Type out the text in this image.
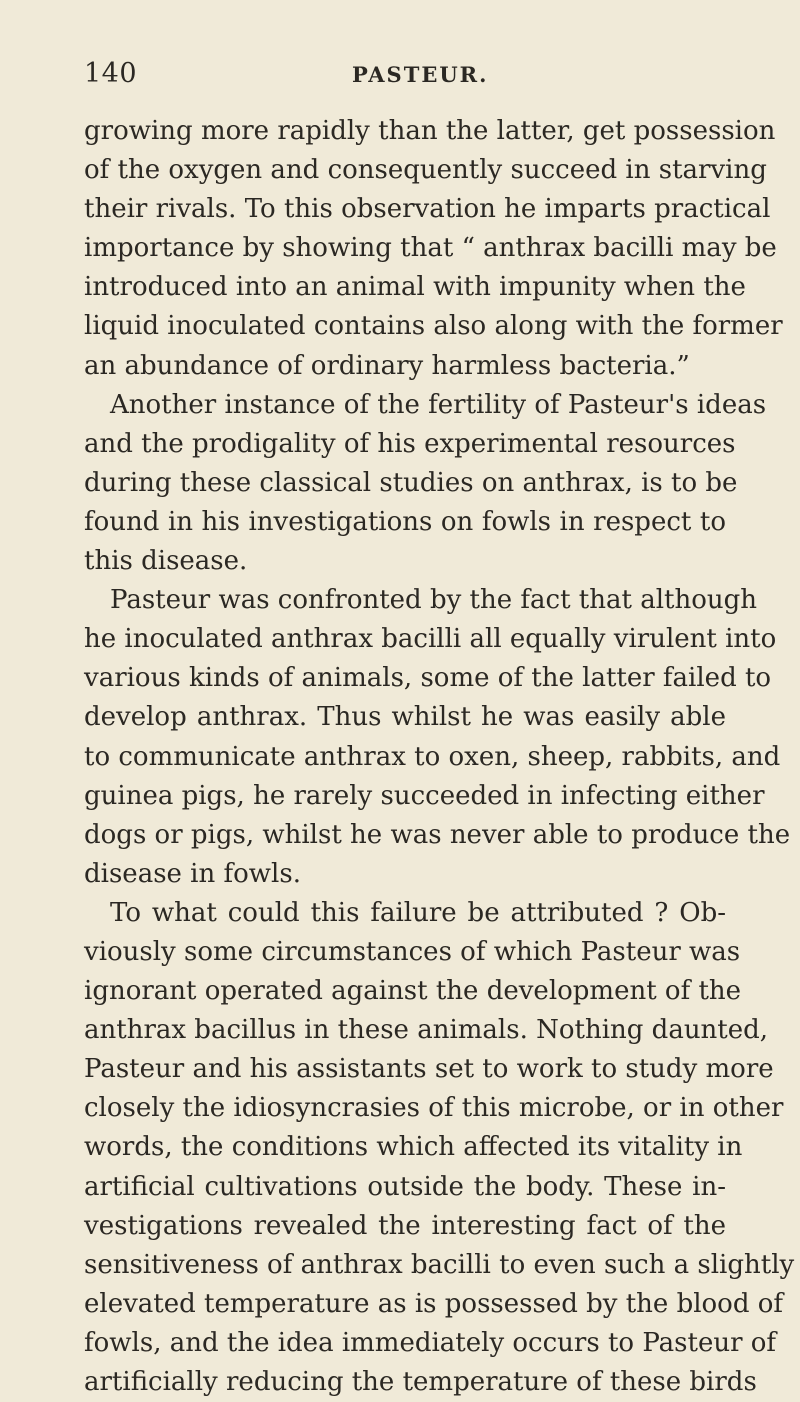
140	PASTEUR.
growing more rapidly than the latter, get possession
of the oxygen and consequently succeed in starving
their rivals. To this observation he imparts practical
importance by showing that “ anthrax bacilli may be
introduced into an animal with impunity when the
liquid inoculated contains also along with the former
an abundance of ordinary harmless bacteria.”
Another instance of the fertility of Pasteur's ideas
and the prodigality of his experimental resources
during these classical studies on anthrax, is to be
found in his investigations on fowls in respect to
this disease.
Pasteur was confronted by the fact that although
he inoculated anthrax bacilli all equally virulent into
various kinds of animals, some of the latter failed to
develop anthrax. Thus whilst he was easily able
to communicate anthrax to oxen, sheep, rabbits, and
guinea pigs, he rarely succeeded in infecting either
dogs or pigs, whilst he was never able to produce the
disease in fowls.
To what could this failure be attributed ? Ob-
viously some circumstances of which Pasteur was
ignorant operated against the development of the
anthrax bacillus in these animals. Nothing daunted,
Pasteur and his assistants set to work to study more
closely the idiosyncrasies of this microbe, or in other
words, the conditions which affected its vitality in
artificial cultivations outside the body. These in-
vestigations revealed the interesting fact of the
sensitiveness of anthrax bacilli to even such a slightly
elevated temperature as is possessed by the blood of
fowls, and the idea immediately occurs to Pasteur of
artificially reducing the temperature of these birds
